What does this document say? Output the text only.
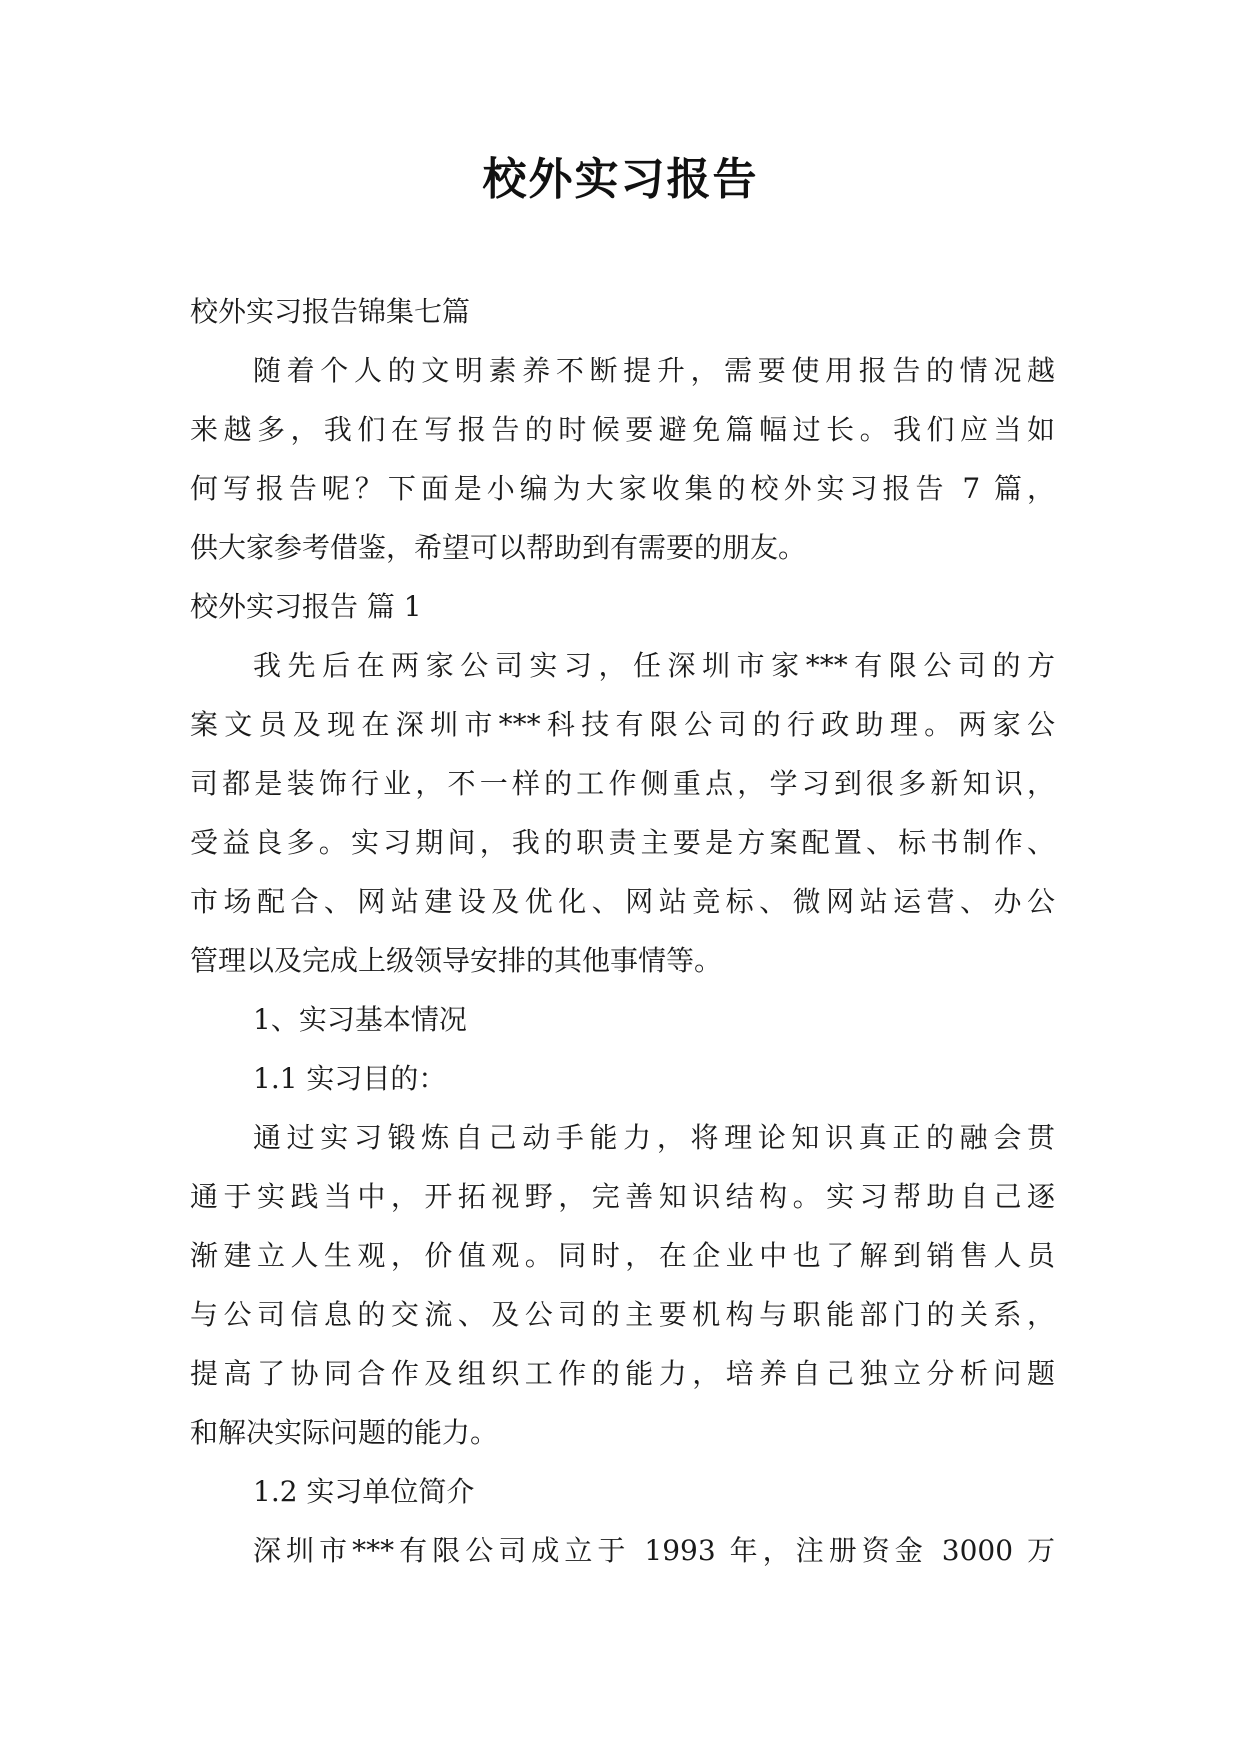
校外实习报告
校外实习报告锦集七篇
随着个人的文明素养不断提升，需要使用报告的情况越
来越多，我们在写报告的时候要避免篇幅过长。我们应当如
何写报告呢？下面是小编为大家收集的校外实习报告 7 篇，
供大家参考借鉴，希望可以帮助到有需要的朋友。
校外实习报告 篇 1
我先后在两家公司实习，任深圳市家***有限公司的方
案文员及现在深圳市***科技有限公司的行政助理。两家公
司都是装饰行业，不一样的工作侧重点，学习到很多新知识，
受益良多。实习期间，我的职责主要是方案配置、标书制作、
市场配合、网站建设及优化、网站竞标、微网站运营、办公
管理以及完成上级领导安排的其他事情等。
1、实习基本情况
1.1 实习目的：
通过实习锻炼自己动手能力，将理论知识真正的融会贯
通于实践当中，开拓视野，完善知识结构。实习帮助自己逐
渐建立人生观，价值观。同时，在企业中也了解到销售人员
与公司信息的交流、及公司的主要机构与职能部门的关系，
提高了协同合作及组织工作的能力，培养自己独立分析问题
和解决实际问题的能力。
1.2 实习单位简介
深圳市***有限公司成立于 1993 年，注册资金 3000 万
